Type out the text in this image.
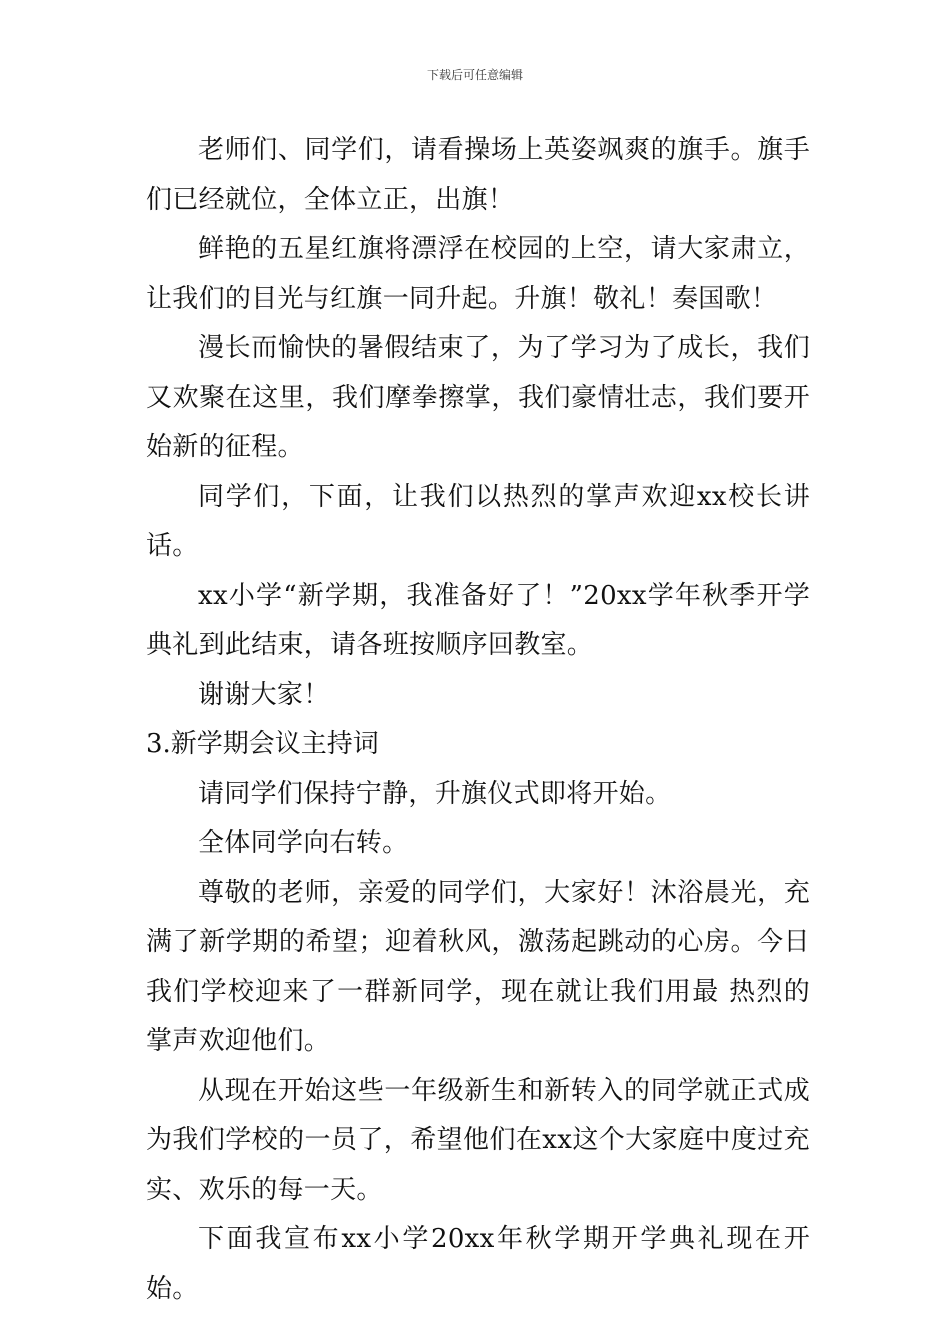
下载后可任意编辑

老师们、同学们，请看操场上英姿飒爽的旗手。旗手们已经就位，全体立正，出旗！

鲜艳的五星红旗将漂浮在校园的上空，请大家肃立，让我们的目光与红旗一同升起。升旗！敬礼！奏国歌！

漫长而愉快的暑假结束了，为了学习为了成长，我们又欢聚在这里，我们摩拳擦掌，我们豪情壮志，我们要开始新的征程。

同学们，下面，让我们以热烈的掌声欢迎xx校长讲话。

xx小学“新学期，我准备好了！”20xx学年秋季开学典礼到此结束，请各班按顺序回教室。

谢谢大家！

3.新学期会议主持词

请同学们保持宁静，升旗仪式即将开始。

全体同学向右转。

尊敬的老师，亲爱的同学们，大家好！沐浴晨光，充满了新学期的希望；迎着秋风，激荡起跳动的心房。今日我们学校迎来了一群新同学，现在就让我们用最 热烈的掌声欢迎他们。

从现在开始这些一年级新生和新转入的同学就正式成为我们学校的一员了，希望他们在xx这个大家庭中度过充实、欢乐的每一天。

下面我宣布xx小学20xx年秋学期开学典礼现在开始。
